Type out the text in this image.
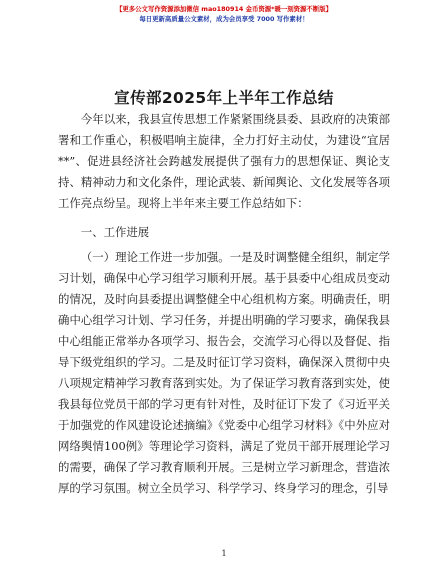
【更多公文写作资源添加微信 mao180914 金币资源*暖一刻资源不断版】
每日更新高质量公文素材，成为会员享受 7000 写作素材！
宣传部2025年上半年工作总结

今年以来，我县宣传思想工作紧紧围绕县委、县政府的决策部署和工作重心，积极唱响主旋律，全力打好主动仗，为建设“宜居**”、促进县经济社会跨越发展提供了强有力的思想保证、舆论支持、精神动力和文化条件，理论武装、新闻舆论、文化发展等各项工作亮点纷呈。现将上半年来主要工作总结如下：

一、工作进展

（一）理论工作进一步加强。一是及时调整健全组织，制定学习计划，确保中心学习组学习顺利开展。基于县委中心组成员变动的情况，及时向县委提出调整健全中心组机构方案。明确责任，明确中心组学习计划、学习任务，并提出明确的学习要求，确保我县中心组能正常举办各项学习、报告会，交流学习心得以及督促、指导下级党组织的学习。二是及时征订学习资料，确保深入贯彻中央八项规定精神学习教育落到实处。为了保证学习教育落到实处，使我县每位党员干部的学习更有针对性，及时征订下发了《习近平关于加强党的作风建设论述摘编》《党委中心组学习材料》《中外应对网络舆情100例》等理论学习资料，满足了党员干部开展理论学习的需要，确保了学习教育顺利开展。三是树立学习新理念，营造浓厚的学习氛围。树立全员学习、科学学习、终身学习的理念，引导

1
